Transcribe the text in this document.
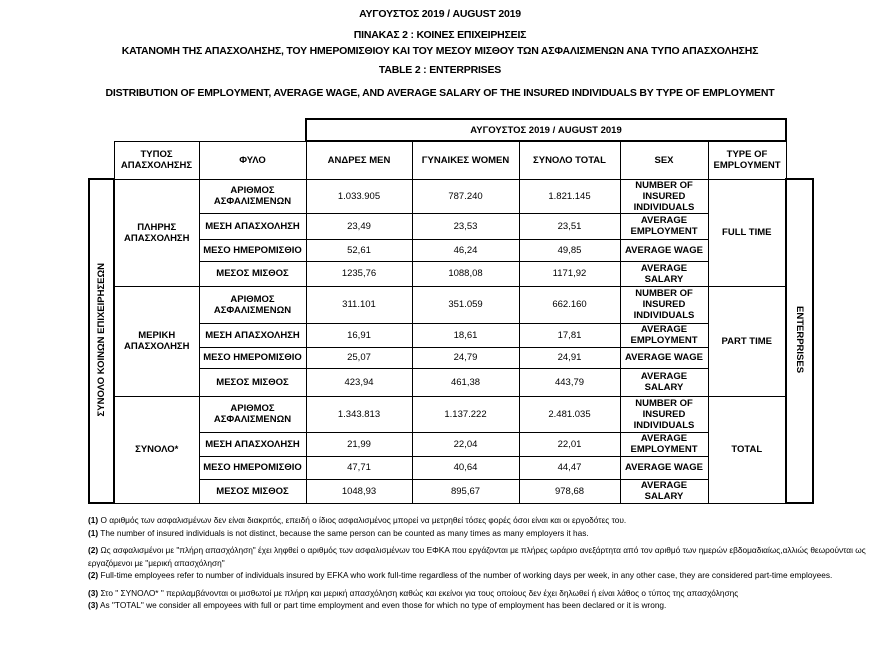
ΑΥΓΟΥΣΤΟΣ 2019 / AUGUST 2019
ΠΙΝΑΚΑΣ 2 : ΚΟΙΝΕΣ ΕΠΙΧΕΙΡΗΣΕΙΣ
ΚΑΤΑΝΟΜΗ ΤΗΣ ΑΠΑΣΧΟΛΗΣΗΣ, ΤΟΥ ΗΜΕΡΟΜΙΣΘΙΟΥ ΚΑΙ ΤΟΥ ΜΕΣΟΥ ΜΙΣΘΟΥ ΤΩΝ ΑΣΦΑΛΙΣΜΕΝΩΝ ΑΝΑ ΤΥΠΟ ΑΠΑΣΧΟΛΗΣΗΣ
TABLE 2 : ENTERPRISES
DISTRIBUTION OF EMPLOYMENT, AVERAGE WAGE, AND AVERAGE SALARY OF THE INSURED INDIVIDUALS BY TYPE OF EMPLOYMENT
			ΑΥΓΟΥΣΤΟΣ 2019 / AUGUST 2019					
	ΤΥΠΟΣ ΑΠΑΣΧΟΛΗΣΗΣ	ΦΥΛΟ	ΑΝΔΡΕΣ MEN	ΓΥΝΑΙΚΕΣ WOMEN	ΣΥΝΟΛΟ TOTAL	SEX	TYPE OF EMPLOYMENT	
ΣΥΝΟΛΟ ΚΟΙΝΩΝ ΕΠΙΧΕΙΡΗΣΕΩΝ	ΠΛΗΡΗΣ ΑΠΑΣΧΟΛΗΣΗ	ΑΡΙΘΜΟΣ ΑΣΦΑΛΙΣΜΕΝΩΝ	1.033.905	787.240	1.821.145	NUMBER OF INSURED INDIVIDUALS	FULL TIME	ENTERPRISES
		ΜΕΣΗ ΑΠΑΣΧΟΛΗΣΗ	23,49	23,53	23,51	AVERAGE EMPLOYMENT		
		ΜΕΣΟ ΗΜΕΡΟΜΙΣΘΙΟ	52,61	46,24	49,85	AVERAGE WAGE		
		ΜΕΣΟΣ ΜΙΣΘΟΣ	1235,76	1088,08	1171,92	AVERAGE SALARY		
	ΜΕΡΙΚΗ ΑΠΑΣΧΟΛΗΣΗ	ΑΡΙΘΜΟΣ ΑΣΦΑΛΙΣΜΕΝΩΝ	311.101	351.059	662.160	NUMBER OF INSURED INDIVIDUALS	PART TIME	
		ΜΕΣΗ ΑΠΑΣΧΟΛΗΣΗ	16,91	18,61	17,81	AVERAGE EMPLOYMENT		
		ΜΕΣΟ ΗΜΕΡΟΜΙΣΘΙΟ	25,07	24,79	24,91	AVERAGE WAGE		
		ΜΕΣΟΣ ΜΙΣΘΟΣ	423,94	461,38	443,79	AVERAGE SALARY		
	ΣΥΝΟΛΟ*	ΑΡΙΘΜΟΣ ΑΣΦΑΛΙΣΜΕΝΩΝ	1.343.813	1.137.222	2.481.035	NUMBER OF INSURED INDIVIDUALS	TOTAL	
		ΜΕΣΗ ΑΠΑΣΧΟΛΗΣΗ	21,99	22,04	22,01	AVERAGE EMPLOYMENT		
		ΜΕΣΟ ΗΜΕΡΟΜΙΣΘΙΟ	47,71	40,64	44,47	AVERAGE WAGE		
		ΜΕΣΟΣ ΜΙΣΘΟΣ	1048,93	895,67	978,68	AVERAGE SALARY		

(1) Ο αριθμός των ασφαλισμένων δεν είναι διακριτός, επειδή ο ίδιος ασφαλισμένος μπορεί να μετρηθεί τόσες φορές όσοι είναι και οι εργοδότες του.

(1) The number of insured individuals is not distinct, because the same person can be counted as many times as many employers it has.

(2) Ως ασφαλισμένοι με "πλήρη απασχόληση" έχει ληφθεί ο αριθμός των ασφαλισμένων του ΕΦΚΑ που εργάζονται με πλήρες ωράριο ανεξάρτητα από τον αριθμό των ημερών εβδομαδιαίως,αλλιώς θεωρούνται ως εργαζόμενοι με "μερική απασχόληση"

(2) Full-time employees refer to number of individuals insured by EFKA who work full-time regardless of the number of working days per week, in any other case, they are considered part-time employees.

(3) Στο " ΣΥΝΟΛΟ* " περιλαμβάνονται οι μισθωτοί με πλήρη και μερική απασχόληση καθώς και εκείνοι για τους οποίους δεν έχει δηλωθεί ή είναι λάθος ο τύπος της απασχόλησης

(3) As "TOTAL" we consider all empoyees with full or part time employment and even those for which no type of employment has been declared or it is wrong.
